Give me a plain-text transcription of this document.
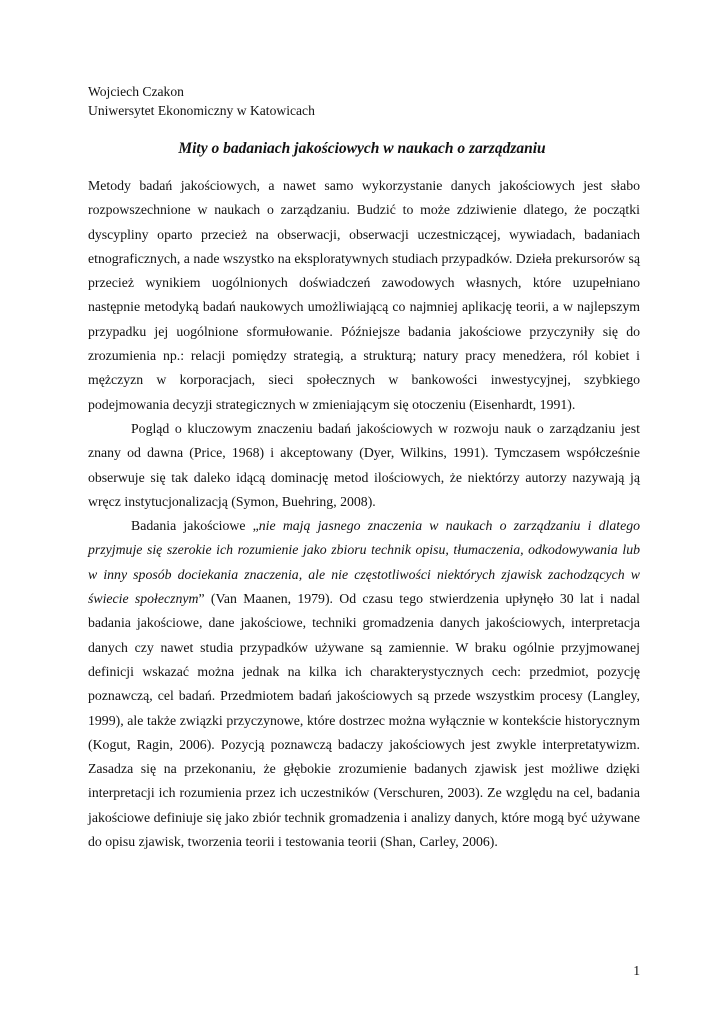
Wojciech Czakon
Uniwersytet Ekonomiczny w Katowicach
Mity o badaniach jakościowych w naukach o zarządzaniu

Metody badań jakościowych, a nawet samo wykorzystanie danych jakościowych jest słabo rozpowszechnione w naukach o zarządzaniu. Budzić to może zdziwienie dlatego, że początki dyscypliny oparto przecież na obserwacji, obserwacji uczestniczącej, wywiadach, badaniach etnograficznych, a nade wszystko na eksploratywnych studiach przypadków. Dzieła prekursorów są przecież wynikiem uogólnionych doświadczeń zawodowych własnych, które uzupełniano następnie metodyką badań naukowych umożliwiającą co najmniej aplikację teorii, a w najlepszym przypadku jej uogólnione sformułowanie. Późniejsze badania jakościowe przyczyniły się do zrozumienia np.: relacji pomiędzy strategią, a strukturą; natury pracy menedżera, ról kobiet i mężczyzn w korporacjach, sieci społecznych w bankowości inwestycyjnej, szybkiego podejmowania decyzji strategicznych w zmieniającym się otoczeniu (Eisenhardt, 1991).

Pogląd o kluczowym znaczeniu badań jakościowych w rozwoju nauk o zarządzaniu jest znany od dawna (Price, 1968) i akceptowany (Dyer, Wilkins, 1991). Tymczasem współcześnie obserwuje się tak daleko idącą dominację metod ilościowych, że niektórzy autorzy nazywają ją wręcz instytucjonalizacją (Symon, Buehring, 2008).

Badania jakościowe „nie mają jasnego znaczenia w naukach o zarządzaniu i dlatego przyjmuje się szerokie ich rozumienie jako zbioru technik opisu, tłumaczenia, odkodowywania lub w inny sposób dociekania znaczenia, ale nie częstotliwości niektórych zjawisk zachodzących w świecie społecznym” (Van Maanen, 1979). Od czasu tego stwierdzenia upłynęło 30 lat i nadal badania jakościowe, dane jakościowe, techniki gromadzenia danych jakościowych, interpretacja danych czy nawet studia przypadków używane są zamiennie. W braku ogólnie przyjmowanej definicji wskazać można jednak na kilka ich charakterystycznych cech: przedmiot, pozycję poznawczą, cel badań. Przedmiotem badań jakościowych są przede wszystkim procesy (Langley, 1999), ale także związki przyczynowe, które dostrzec można wyłącznie w kontekście historycznym (Kogut, Ragin, 2006). Pozycją poznawczą badaczy jakościowych jest zwykle interpretatywizm. Zasadza się na przekonaniu, że głębokie zrozumienie badanych zjawisk jest możliwe dzięki interpretacji ich rozumienia przez ich uczestników (Verschuren, 2003). Ze względu na cel, badania jakościowe definiuje się jako zbiór technik gromadzenia i analizy danych, które mogą być używane do opisu zjawisk, tworzenia teorii i testowania teorii (Shan, Carley, 2006).

1
